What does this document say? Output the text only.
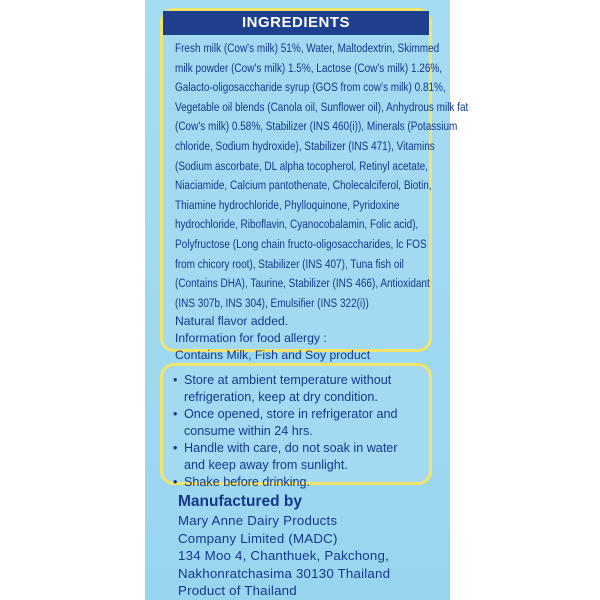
INGREDIENTS
Fresh milk (Cow's milk) 51%, Water, Maltodextrin, Skimmed
milk powder (Cow's milk) 1.5%, Lactose (Cow's milk) 1.26%,
Galacto-oligosaccharide syrup (GOS from cow's milk) 0.81%,
Vegetable oil blends (Canola oil, Sunflower oil), Anhydrous milk fat
(Cow's milk) 0.58%, Stabilizer (INS 460(i)), Minerals (Potassium
chloride, Sodium hydroxide), Stabilizer (INS 471), Vitamins
(Sodium ascorbate, DL alpha tocopherol, Retinyl acetate,
Niaciamide, Calcium pantothenate, Cholecalciferol, Biotin,
Thiamine hydrochloride, Phylloquinone, Pyridoxine
hydrochloride, Riboflavin, Cyanocobalamin, Folic acid),
Polyfructose (Long chain fructo-oligosaccharides, lc FOS
from chicory root), Stabilizer (INS 407), Tuna fish oil
(Contains DHA), Taurine, Stabilizer (INS 466), Antioxidant
(INS 307b, INS 304), Emulsifier (INS 322(i))
Natural flavor added.
Information for food allergy :
Contains Milk, Fish and Soy product
• Store at ambient temperature without refrigeration, keep at dry condition.
• Once opened, store in refrigerator and consume within 24 hrs.
• Handle with care, do not soak in water and keep away from sunlight.
• Shake before drinking.
Manufactured by
Mary Anne Dairy Products
Company Limited (MADC)
134 Moo 4, Chanthuek, Pakchong,
Nakhonratchasima 30130 Thailand
Product of Thailand
